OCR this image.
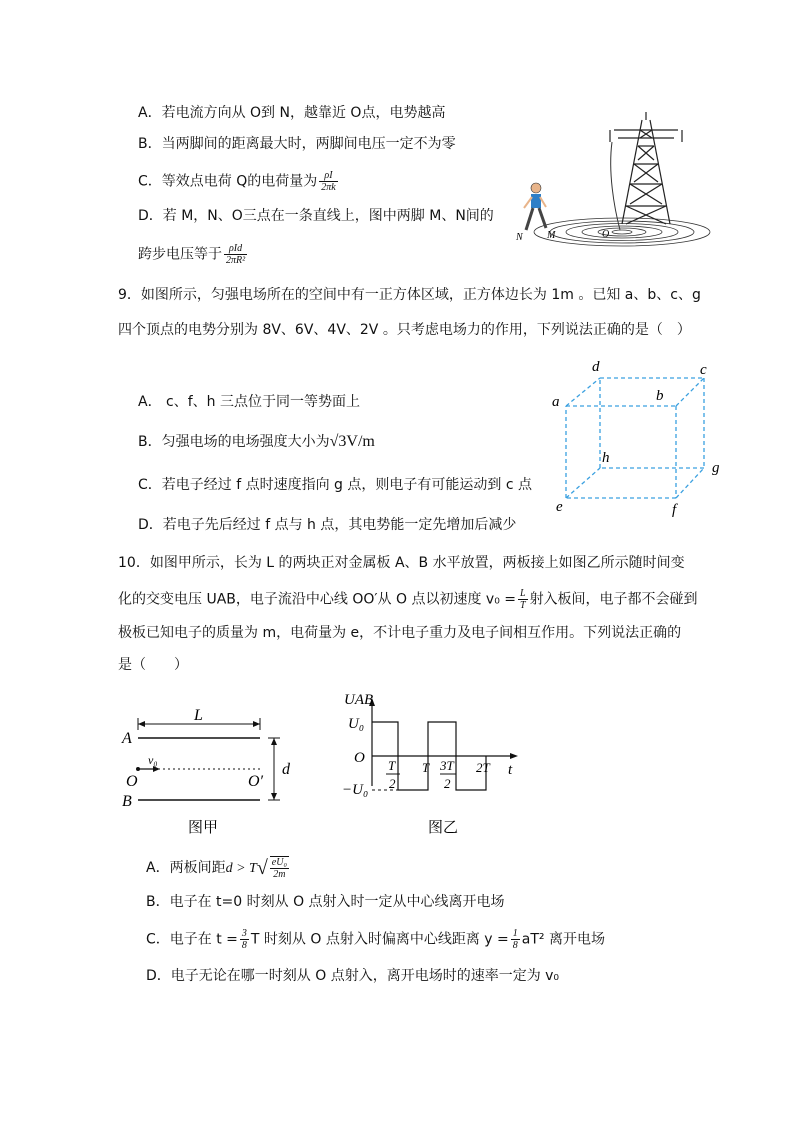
A．若电流方向从 O到 N，越靠近 O点，电势越高
B．当两脚间的距离最大时，两脚间电压一定不为零
C．等效点电荷 Q的电荷量为 $\frac{\rho I}{2\pi k}$
D．若 M，N、O三点在一条直线上，图中两脚 M、N间的
跨步电压等于 $\frac{\text{ρId}}{\text{2πR²}}$
N M	O
9．如图所示，匀强电场所在的空间中有一正方体区域，正方体边长为 1m 。已知 a、b、c、g
四个顶点的电势分别为 8V、6V、4V、2V 。只考虑电场力的作用，下列说法正确的是（　）
A． c、f、h 三点位于同一等势面上
B．匀强电场的电场强度大小为√3V/m
C．若电子经过 f 点时速度指向 g 点，则电子有可能运动到 c 点
D．若电子先后经过 f 点与 h 点，其电势能一定先增加后减少
a	b
c
d
e	f
g
h
10．如图甲所示，长为 L 的两块正对金属板 A、B 水平放置，两板接上如图乙所示随时间变
化的交变电压 UAB，电子流沿中心线 OO′从 O 点以初速度 $v_0 = \frac{L}{T}$ 射入板间，电子都不会碰到
极板已知电子的质量为 m，电荷量为 e，不计电子重力及电子间相互作用。下列说法正确的
是（　　）
L
A
B
O	O′
v₀
d
图甲
UAB
U₀
−U₀
O
t
T
2
T 3T
2
2T
图乙
A．两板间距$d > T√ \frac{\text{eU₀}}{2m}$
B．电子在 t=0 时刻从 O 点射入时一定从中心线离开电场
C．电子在 $t = \frac{3}{8}$ T 时刻从 O 点射入时偏离中心线距离 $y = \frac{1}{8} aT^2$ 离开电场
D．电子无论在哪一时刻从 O 点射入，离开电场时的速率一定为 v₀
